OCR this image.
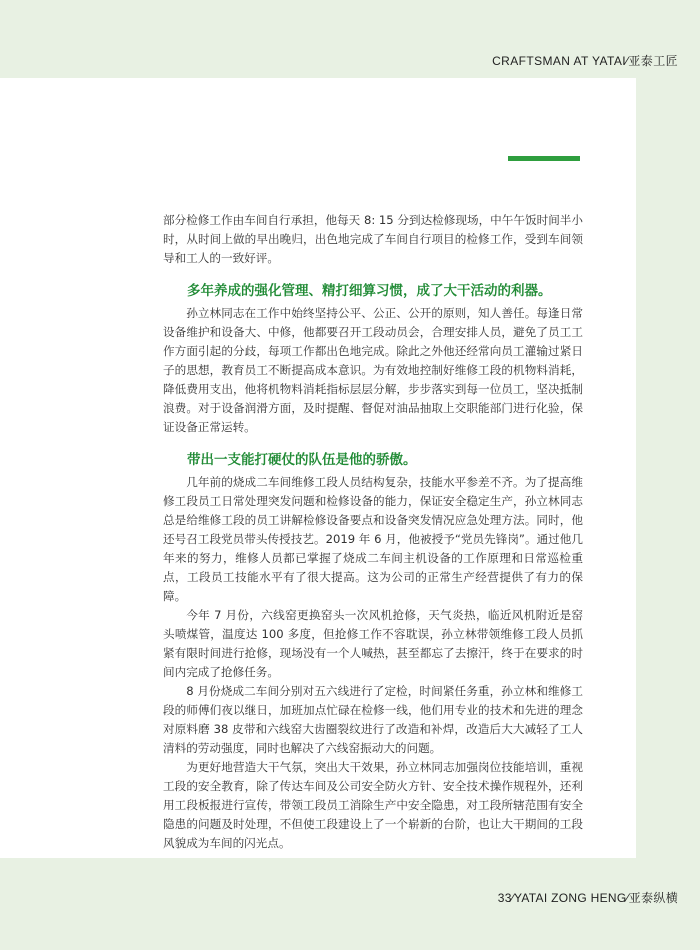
CRAFTSMAN AT YATAI∕亚泰工匠

部分检修工作由车间自行承担，他每天 8: 15 分到达检修现场，中午午饭时间半小时，从时间上做的早出晚归，出色地完成了车间自行项目的检修工作，受到车间领导和工人的一致好评。

多年养成的强化管理、精打细算习惯，成了大干活动的利器。

孙立林同志在工作中始终坚持公平、公正、公开的原则，知人善任。每逢日常设备维护和设备大、中修，他都要召开工段动员会，合理安排人员，避免了员工工作方面引起的分歧，每项工作都出色地完成。除此之外他还经常向员工灌输过紧日子的思想，教育员工不断提高成本意识。为有效地控制好维修工段的机物料消耗，降低费用支出，他将机物料消耗指标层层分解，步步落实到每一位员工，坚决抵制浪费。对于设备润滑方面，及时提醒、督促对油品抽取上交职能部门进行化验，保证设备正常运转。

带出一支能打硬仗的队伍是他的骄傲。

几年前的烧成二车间维修工段人员结构复杂，技能水平参差不齐。为了提高维修工段员工日常处理突发问题和检修设备的能力，保证安全稳定生产，孙立林同志总是给维修工段的员工讲解检修设备要点和设备突发情况应急处理方法。同时，他还号召工段党员带头传授技艺。2019 年 6 月，他被授予“党员先锋岗”。通过他几年来的努力，维修人员都已掌握了烧成二车间主机设备的工作原理和日常巡检重点，工段员工技能水平有了很大提高。这为公司的正常生产经营提供了有力的保障。

今年 7 月份，六线窑更换窑头一次风机抢修，天气炎热，临近风机附近是窑头喷煤管，温度达 100 多度，但抢修工作不容耽误，孙立林带领维修工段人员抓紧有限时间进行抢修，现场没有一个人喊热，甚至都忘了去擦汗，终于在要求的时间内完成了抢修任务。

8 月份烧成二车间分别对五六线进行了定检，时间紧任务重，孙立林和维修工段的师傅们夜以继日，加班加点忙碌在检修一线，他们用专业的技术和先进的理念对原料磨 38 皮带和六线窑大齿圈裂纹进行了改造和补焊，改造后大大减轻了工人清料的劳动强度，同时也解决了六线窑振动大的问题。

为更好地营造大干气氛，突出大干效果，孙立林同志加强岗位技能培训，重视工段的安全教育，除了传达车间及公司安全防火方针、安全技术操作规程外，还利用工段板报进行宣传，带领工段员工消除生产中安全隐患，对工段所辖范围有安全隐患的问题及时处理，不但使工段建设上了一个崭新的台阶，也让大干期间的工段风貌成为车间的闪光点。

33∕YATAI ZONG HENG∕亚泰纵横
